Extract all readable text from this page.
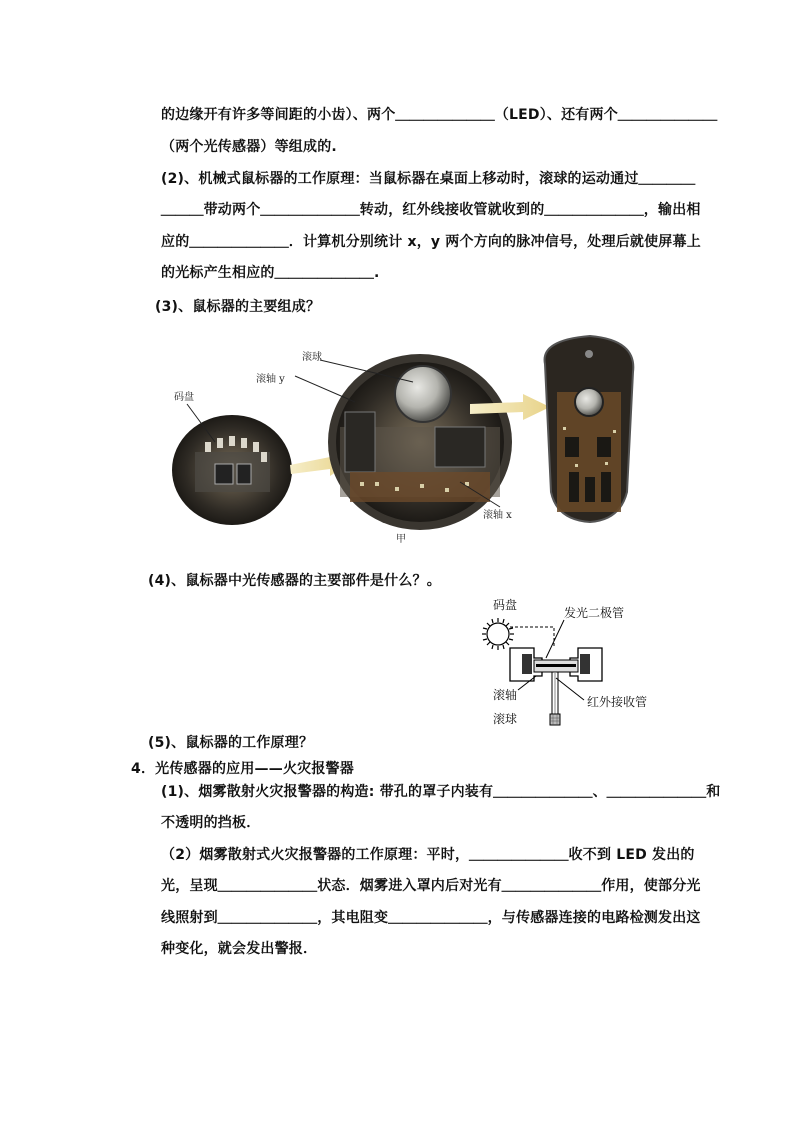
的边缘开有许多等间距的小齿）、两个＿＿＿＿＿＿＿（LED）、还有两个＿＿＿＿＿＿＿
（两个光传感器）等组成的.
(2)、机械式鼠标器的工作原理：当鼠标器在桌面上移动时，滚球的运动通过＿＿＿＿
＿＿＿带动两个＿＿＿＿＿＿＿转动，红外线接收管就收到的＿＿＿＿＿＿＿，输出相
应的＿＿＿＿＿＿＿．计算机分别统计 x，y 两个方向的脉冲信号，处理后就使屏幕上
的光标产生相应的＿＿＿＿＿＿＿.
(3)、鼠标器的主要组成？
码盘
滚球
滚轴 y
滚轴 x
甲
(4)、鼠标器中光传感器的主要部件是什么？。
码盘
发光二极管
滚轴	红外接收管
滚球
(5)、鼠标器的工作原理？
4．光传感器的应用——火灾报警器
(1)、烟雾散射火灾报警器的构造: 带孔的罩子内装有＿＿＿＿＿＿＿、＿＿＿＿＿＿＿和
不透明的挡板．
（2）烟雾散射式火灾报警器的工作原理：平时，＿＿＿＿＿＿＿收不到 LED 发出的
光，呈现＿＿＿＿＿＿＿状态．烟雾进入罩内后对光有＿＿＿＿＿＿＿作用，使部分光
线照射到＿＿＿＿＿＿＿，其电阻变＿＿＿＿＿＿＿，与传感器连接的电路检测发出这
种变化，就会发出警报．
